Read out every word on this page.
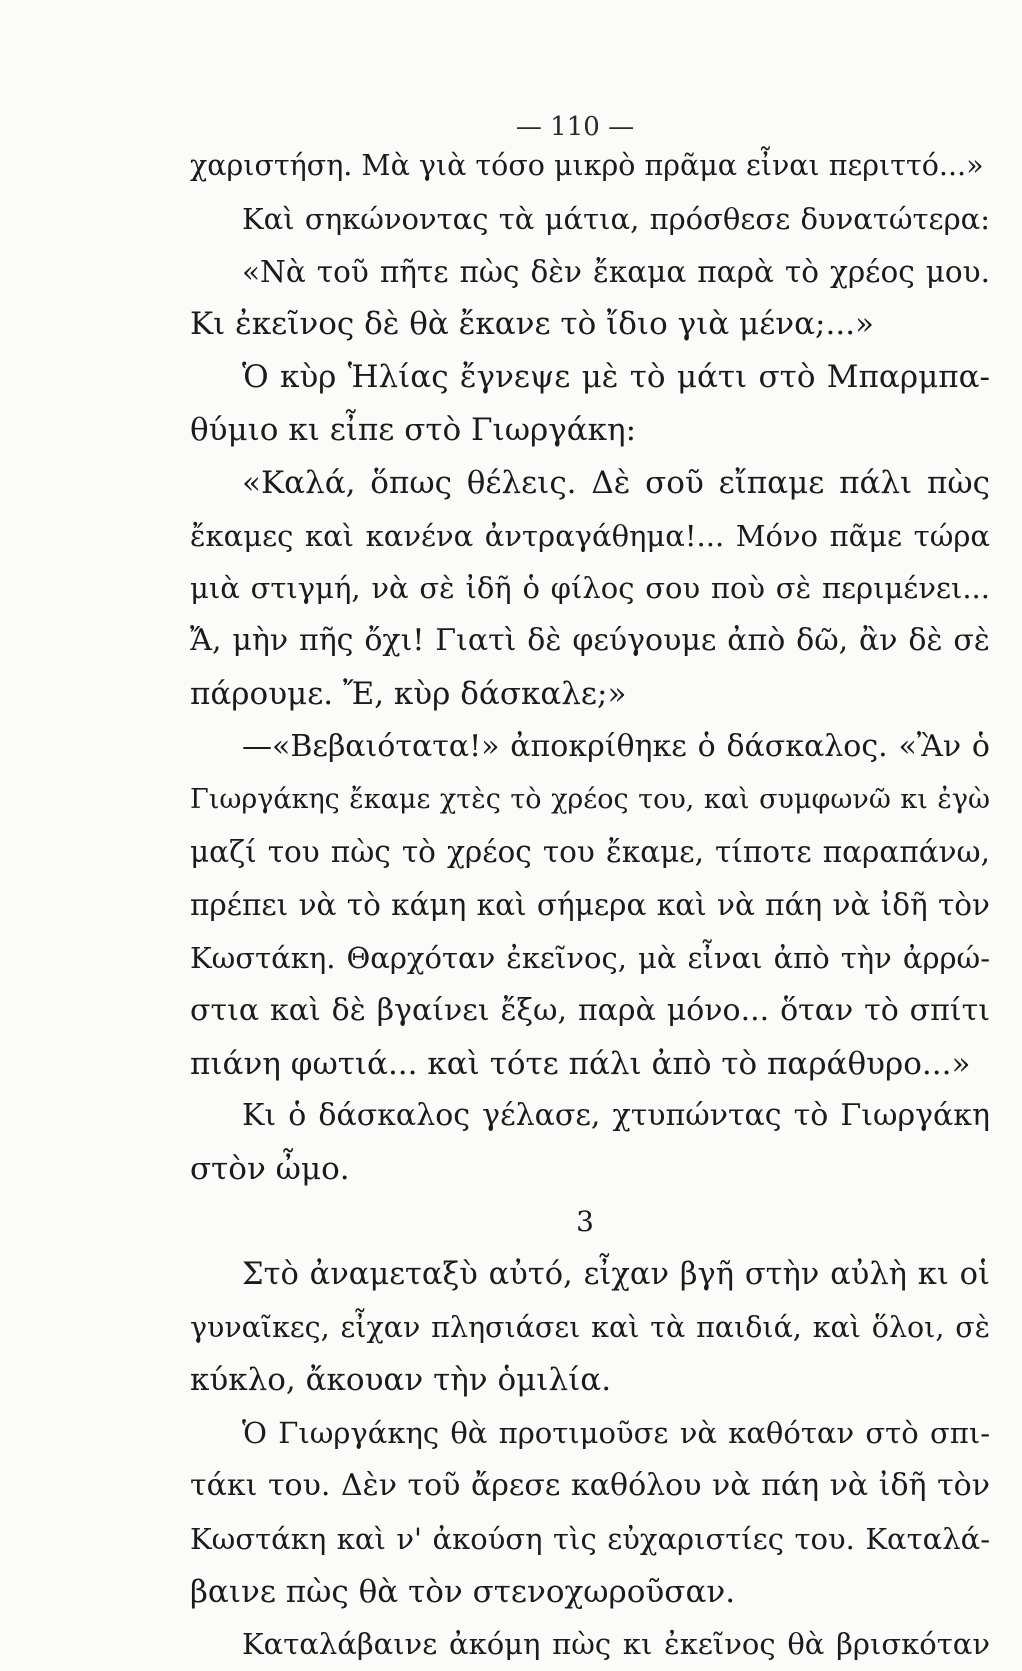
— 110 —
χαριστήση. Μὰ γιὰ τόσο μικρὸ πρᾶμα εἶναι περιττό...»
Καὶ σηκώνοντας τὰ μάτια, πρόσθεσε δυνατώτερα:
«Νὰ τοῦ πῆτε πὼς δὲν ἔκαμα παρὰ τὸ χρέος μου.
Κι ἐκεῖνος δὲ θὰ ἔκανε τὸ ἴδιο γιὰ μένα;...»
Ὁ κὺρ Ἡλίας ἔγνεψε μὲ τὸ μάτι στὸ Μπαρμπα-
θύμιο κι εἶπε στὸ Γιωργάκη:
«Καλά, ὅπως θέλεις. Δὲ σοῦ εἴπαμε πάλι πὼς
ἔκαμες καὶ κανένα ἀντραγάθημα!... Μόνο πᾶμε τώρα
μιὰ στιγμή, νὰ σὲ ἰδῆ ὁ φίλος σου ποὺ σὲ περιμένει...
Ἄ, μὴν πῆς ὄχι! Γιατὶ δὲ φεύγουμε ἀπὸ δῶ, ἂν δὲ σὲ
πάρουμε. Ἔ, κὺρ δάσκαλε;»
—«Βεβαιότατα!» ἀποκρίθηκε ὁ δάσκαλος. «Ἂν ὁ
Γιωργάκης ἔκαμε χτὲς τὸ χρέος του, καὶ συμφωνῶ κι ἐγὼ
μαζί του πὼς τὸ χρέος του ἔκαμε, τίποτε παραπάνω,
πρέπει νὰ τὸ κάμη καὶ σήμερα καὶ νὰ πάη νὰ ἰδῆ τὸν
Κωστάκη. Θαρχόταν ἐκεῖνος, μὰ εἶναι ἀπὸ τὴν ἀρρώ-
στια καὶ δὲ βγαίνει ἔξω, παρὰ μόνο... ὅταν τὸ σπίτι
πιάνη φωτιά... καὶ τότε πάλι ἀπὸ τὸ παράθυρο...»
Κι ὁ δάσκαλος γέλασε, χτυπώντας τὸ Γιωργάκη
στὸν ὦμο.
3
Στὸ ἀναμεταξὺ αὐτό, εἶχαν βγῆ στὴν αὐλὴ κι οἱ
γυναῖκες, εἶχαν πλησιάσει καὶ τὰ παιδιά, καὶ ὅλοι, σὲ
κύκλο, ἄκουαν τὴν ὁμιλία.
Ὁ Γιωργάκης θὰ προτιμοῦσε νὰ καθόταν στὸ σπι-
τάκι του. Δὲν τοῦ ἄρεσε καθόλου νὰ πάη νὰ ἰδῆ τὸν
Κωστάκη καὶ ν' ἀκούση τὶς εὐχαριστίες του. Καταλά-
βαινε πὼς θὰ τὸν στενοχωροῦσαν.
Καταλάβαινε ἀκόμη πὼς κι ἐκεῖνος θὰ βρισκόταν
